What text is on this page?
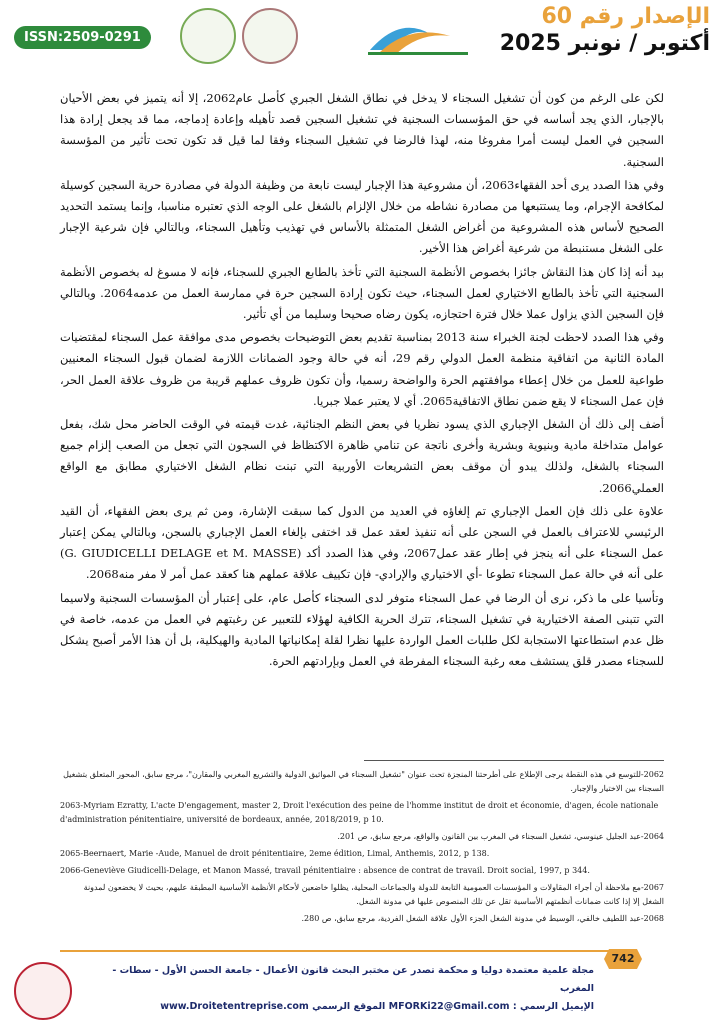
ISSN:2509-0291
الإصدار رقم 60
أكتوبر / نونبر 2025

لكن على الرغم من كون أن تشغيل السجناء لا يدخل في نطاق الشغل الجبري كأصل عام2062، إلا أنه يتميز في بعض الأحيان بالإجبار، الذي يجد أساسه في حق المؤسسات السجنية في تشغيل السجين قصد تأهيله وإعادة إدماجه، مما قد يجعل إرادة هذا السجين في العمل ليست أمرا مفروغا منه، لهذا فالرضا في تشغيل السجناء وفقا لما قيل قد تكون تحت تأثير من المؤسسة السجنية.

وفي هذا الصدد يرى أحد الفقهاء2063، أن مشروعية هذا الإجبار ليست نابعة من وظيفة الدولة في مصادرة حرية السجين كوسيلة لمكافحة الإجرام، وما يستتبعها من مصادرة نشاطه من خلال الإلزام بالشغل على الوجه الذي تعتبره مناسبا، وإنما يستمد التحديد الصحيح لأساس هذه المشروعية من أغراض الشغل المتمثلة بالأساس في تهذيب وتأهيل السجناء، وبالتالي فإن شرعية الإجبار على الشغل مستنبطة من شرعية أغراض هذا الأخير.

بيد أنه إذا كان هذا النقاش جائزا بخصوص الأنظمة السجنية التي تأخذ بالطابع الجبري للسجناء، فإنه لا مسوغ له بخصوص الأنظمة السجنية التي تأخذ بالطابع الاختياري لعمل السجناء، حيث تكون إرادة السجين حرة في ممارسة العمل من عدمه2064. وبالتالي فإن السجين الذي يزاول عملا خلال فترة احتجازه، يكون رضاه صحيحا وسليما من أي تأثير.

وفي هذا الصدد لاحظت لجنة الخبراء سنة 2013 بمناسبة تقديم بعض التوضيحات بخصوص مدى موافقة عمل السجناء لمقتضيات المادة الثانية من اتفاقية منظمة العمل الدولي رقم 29، أنه في حالة وجود الضمانات اللازمة لضمان قبول السجناء المعنيين طواعية للعمل من خلال إعطاء موافقتهم الحرة والواضحة رسميا، وأن تكون ظروف عملهم قريبة من ظروف علاقة العمل الحر، فإن عمل السجناء لا يقع ضمن نطاق الاتفاقية2065. أي لا يعتبر عملا جبريا.

أضف إلى ذلك أن الشغل الإجباري الذي يسود نظريا في بعض النظم الجنائية، غدت قيمته في الوقت الحاضر محل شك، بفعل عوامل متداخلة مادية وبنيوية وبشرية وأخرى ناتجة عن تنامي ظاهرة الاكتظاظ في السجون التي تجعل من الصعب إلزام جميع السجناء بالشغل، ولذلك يبدو أن موقف بعض التشريعات الأوربية التي تبنت نظام الشغل الاختياري مطابق مع الواقع العملي2066.

علاوة على ذلك فإن العمل الإجباري تم إلغاؤه في العديد من الدول كما سبقت الإشارة، ومن ثم يرى بعض الفقهاء، أن القيد الرئيسي للاعتراف بالعمل في السجن على أنه تنفيذ لعقد عمل قد اختفى بإلغاء العمل الإجباري بالسجن، وبالتالي يمكن إعتبار عمل السجناء على أنه ينجز في إطار عقد عمل2067، وفي هذا الصدد أكد (G. GIUDICELLI DELAGE et M. MASSE) على أنه في حالة عمل السجناء تطوعا -أي الاختياري والإرادي- فإن تكييف علاقة عملهم هنا كعقد عمل أمر لا مفر منه2068.

وتأسيا على ما ذكر، نرى أن الرضا في عمل السجناء متوفر لدى السجناء كأصل عام، على إعتبار أن المؤسسات السجنية ولاسيما التي تتبنى الصفة الاختيارية في تشغيل السجناء، تترك الحرية الكافية لهؤلاء للتعبير عن رغبتهم في العمل من عدمه، خاصة في ظل عدم استطاعتها الاستجابة لكل طلبات العمل الواردة عليها نظرا لقلة إمكانياتها المادية والهيكلية، بل أن هذا الأمر أصبح يشكل للسجناء مصدر قلق يستشف معه رغبة السجناء المفرطة في العمل وبإرادتهم الحرة.

2062-للتوسع في هذه النقطة يرجى الإطلاع على أطرحتنا المنجزة تحت عنوان "تشغيل السجناء في المواثيق الدولية والتشريع المغربي والمقارن"، مرجع سابق، المحور المتعلق بتشغيل السجناء بين الاختيار والإجبار.

2063-Myriam Ezratty, L'acte D'engagement, master 2, Droit l'exécution des peine de l'homme institut de droit et économie, d'agen, école nationale d'administration pénitentiaire, université de bordeaux, année, 2018/2019, p 10.

2064-عبد الجليل عينوسي، تشغيل السجناء في المغرب بين القانون والواقع، مرجع سابق، ص 201.

2065-Beernaert, Marie -Aude, Manuel de droit pénitentiaire, 2eme édition, Limal, Anthemis, 2012, p 138.

2066-Geneviève Giudicelli-Delage, et Manon Massé, travail pénitentiaire : absence de contrat de travail. Droit social, 1997, p 344.

2067-مع ملاحظة أن أجراء المقاولات و المؤسسات العمومية التابعة للدولة والجماعات المحلية، يظلوا خاضعين لأحكام الأنظمة الأساسية المطبقة عليهم، بحيث لا يخضعون لمدونة الشغل إلا إذا كانت ضمانات أنظمتهم الأساسية تقل عن تلك المنصوص عليها في مدونة الشغل.

2068-عبد اللطيف خالفي، الوسيط في مدونة الشغل الجزء الأول علاقة الشغل الفردية، مرجع سابق، ص 280.

742
مجلة علمية معتمدة دوليا و محكمة تصدر عن مختبر البحث قانون الأعمال - جامعة الحسن الأول - سطات - المغرب
الإيميل الرسمي : MFORKi22@Gmail.com الموقع الرسمي www.Droitetentreprise.com
